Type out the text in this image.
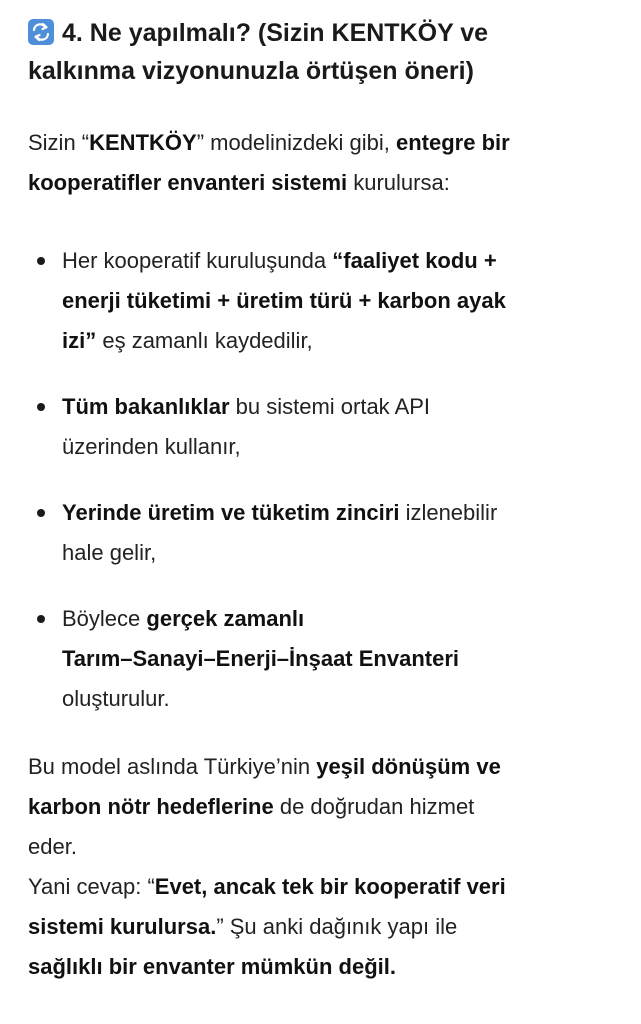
4. Ne yapılmalı? (Sizin KENTKÖY ve
kalkınma vizyonunuzla örtüşen öneri)

Sizin “KENTKÖY” modelinizdeki gibi, entegre bir
kooperatifler envanteri sistemi kurulursa:

Her kooperatif kuruluşunda “faaliyet kodu +
enerji tüketimi + üretim türü + karbon ayak
izi” eş zamanlı kaydedilir,
Tüm bakanlıklar bu sistemi ortak API
üzerinden kullanır,
Yerinde üretim ve tüketim zinciri izlenebilir
hale gelir,
Böylece gerçek zamanlı
Tarım–Sanayi–Enerji–İnşaat Envanteri
oluşturulur.

Bu model aslında Türkiye’nin yeşil dönüşüm ve
karbon nötr hedeflerine de doğrudan hizmet
eder.
Yani cevap: “Evet, ancak tek bir kooperatif veri
sistemi kurulursa.” Şu anki dağınık yapı ile
sağlıklı bir envanter mümkün değil.
